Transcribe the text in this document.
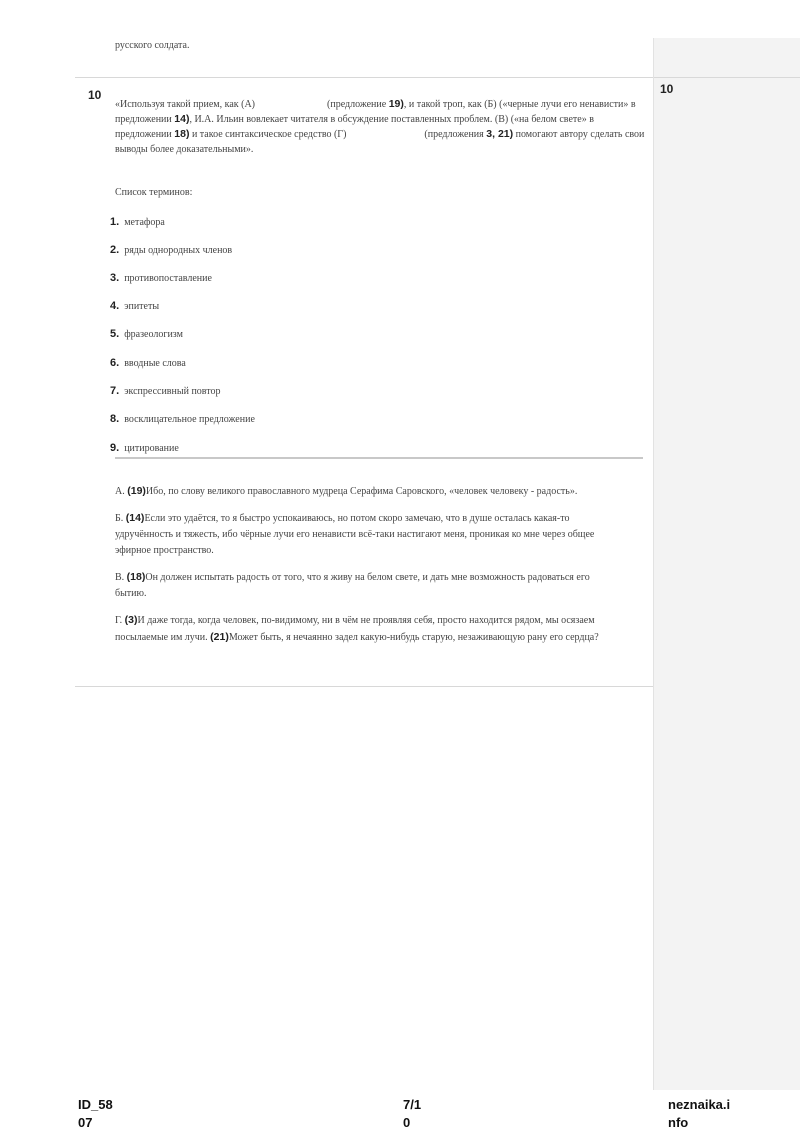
русского солдата.
10	10
«Используя такой прием, как (А)	(предложение 19), и такой троп, как (Б) («черные лучи его ненависти» в предложении 14), И.А. Ильин вовлекает читателя в обсуждение поставленных проблем. (В) («на белом свете» в предложении 18) и такое синтаксическое средство (Г)	(предложения 3, 21) помогают автору сделать свои выводы более доказательными».
Список терминов:
1. метафора
2. ряды однородных членов
3. противопоставление
4. эпитеты
5. фразеологизм
6. вводные слова
7. экспрессивный повтор
8. восклицательное предложение
9. цитирование

А. (19)Ибо, по слову великого православного мудреца Серафима Саровского, «человек человеку - радость».

Б. (14)Если это удаётся, то я быстро успокаиваюсь, но потом скоро замечаю, что в душе осталась какая-то удручённость и тяжесть, ибо чёрные лучи его ненависти всё-таки настигают меня, проникая ко мне через общее эфирное пространство.

В. (18)Он должен испытать радость от того, что я живу на белом свете, и дать мне возможность радоваться его бытию.

Г. (3)И даже тогда, когда человек, по-видимому, ни в чём не проявляя себя, просто находится рядом, мы осязаем посылаемые им лучи. (21)Может быть, я нечаянно задел какую-нибудь старую, незаживающую рану его сердца?

ID_58
07
7/1
0
neznaika.i
nfo
